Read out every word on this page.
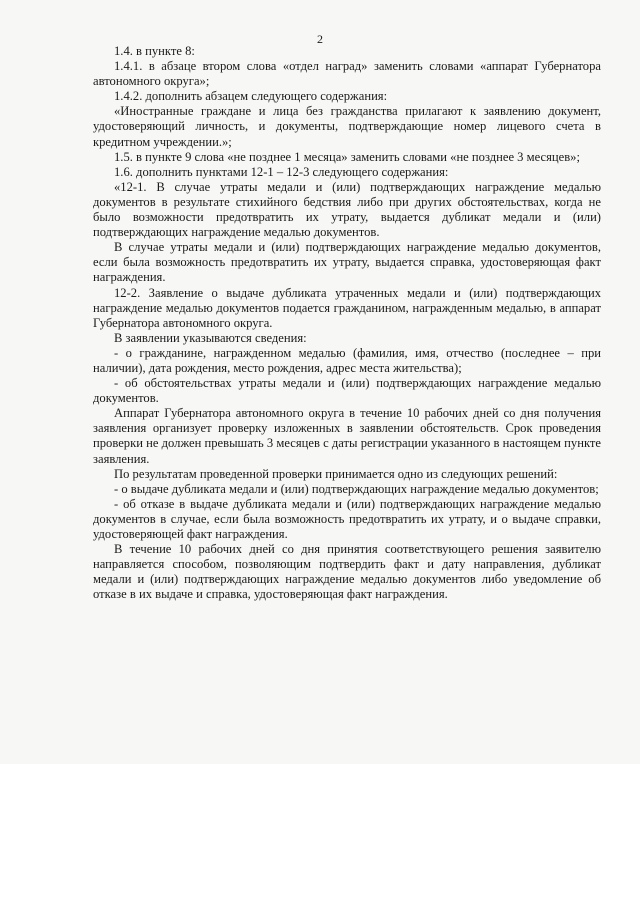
2

1.4. в пункте 8:

1.4.1. в абзаце втором слова «отдел наград» заменить словами «аппарат Губернатора автономного округа»;

1.4.2. дополнить абзацем следующего содержания:

«Иностранные граждане и лица без гражданства прилагают к заявлению документ, удостоверяющий личность, и документы, подтверждающие номер лицевого счета в кредитном учреждении.»;

1.5. в пункте 9 слова «не позднее 1 месяца» заменить словами «не позднее 3 месяцев»;

1.6. дополнить пунктами 12-1 – 12-3 следующего содержания:

«12-1. В случае утраты медали и (или) подтверждающих награждение медалью документов в результате стихийного бедствия либо при других обстоятельствах, когда не было возможности предотвратить их утрату, выдается дубликат медали и (или) подтверждающих награждение медалью документов.

В случае утраты медали и (или) подтверждающих награждение медалью документов, если была возможность предотвратить их утрату, выдается справка, удостоверяющая факт награждения.

12-2. Заявление о выдаче дубликата утраченных медали и (или) подтверждающих награждение медалью документов подается гражданином, награжденным медалью, в аппарат Губернатора автономного округа.

В заявлении указываются сведения:

- о гражданине, награжденном медалью (фамилия, имя, отчество (последнее – при наличии), дата рождения, место рождения, адрес места жительства);

- об обстоятельствах утраты медали и (или) подтверждающих награждение медалью документов.

Аппарат Губернатора автономного округа в течение 10 рабочих дней со дня получения заявления организует проверку изложенных в заявлении обстоятельств. Срок проведения проверки не должен превышать 3 месяцев с даты регистрации указанного в настоящем пункте заявления.

По результатам проведенной проверки принимается одно из следующих решений:

- о выдаче дубликата медали и (или) подтверждающих награждение медалью документов;

- об отказе в выдаче дубликата медали и (или) подтверждающих награждение медалью документов в случае, если была возможность предотвратить их утрату, и о выдаче справки, удостоверяющей факт награждения.

В течение 10 рабочих дней со дня принятия соответствующего решения заявителю направляется способом, позволяющим подтвердить факт и дату направления, дубликат медали и (или) подтверждающих награждение медалью документов либо уведомление об отказе в их выдаче и справка, удостоверяющая факт награждения.
